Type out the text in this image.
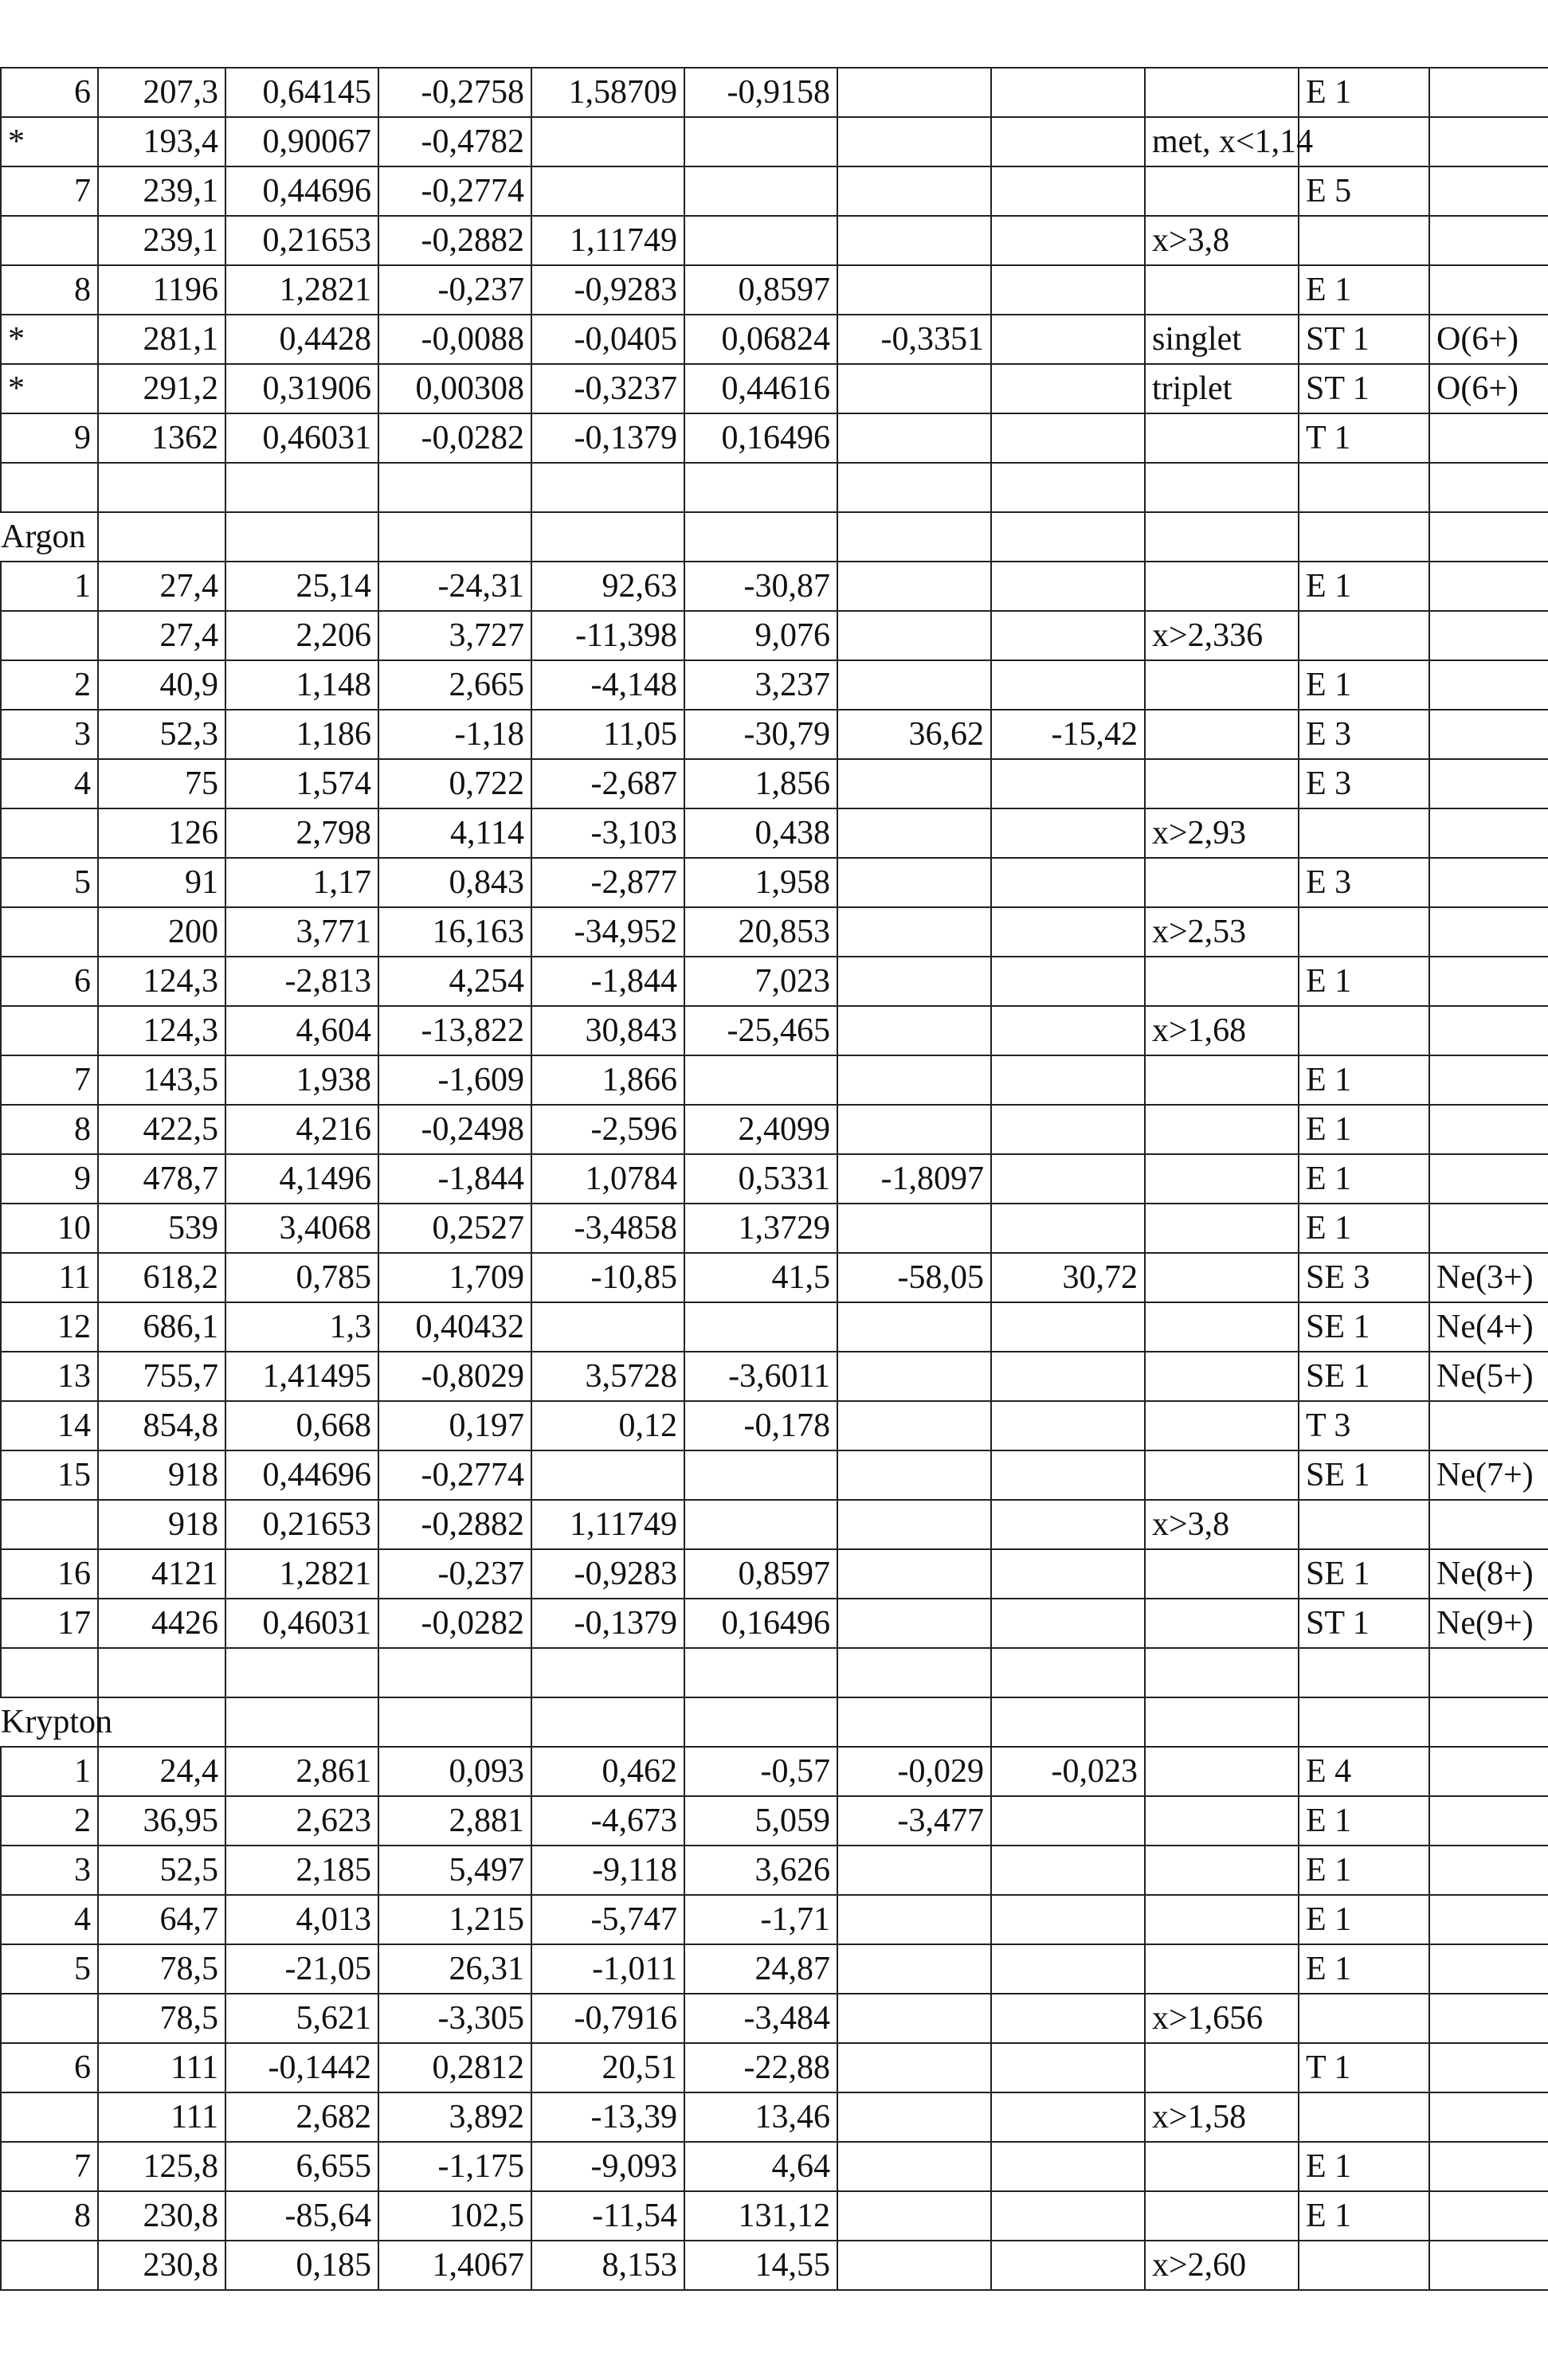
6	207,3	0,64145	-0,2758	1,58709	-0,9158				E 1	
*	193,4	0,90067	-0,4782					met, x<1,14		
7	239,1	0,44696	-0,2774						E 5	
	239,1	0,21653	-0,2882	1,11749				x>3,8		
8	1196	1,2821	-0,237	-0,9283	0,8597				E 1	
*	281,1	0,4428	-0,0088	-0,0405	0,06824	-0,3351		singlet	ST 1	O(6+)
*	291,2	0,31906	0,00308	-0,3237	0,44616			triplet	ST 1	O(6+)
9	1362	0,46031	-0,0282	-0,1379	0,16496				T 1	

Argon										
1	27,4	25,14	-24,31	92,63	-30,87				E 1	
	27,4	2,206	3,727	-11,398	9,076			x>2,336		
2	40,9	1,148	2,665	-4,148	3,237				E 1	
3	52,3	1,186	-1,18	11,05	-30,79	36,62	-15,42		E 3	
4	75	1,574	0,722	-2,687	1,856				E 3	
	126	2,798	4,114	-3,103	0,438			x>2,93		
5	91	1,17	0,843	-2,877	1,958				E 3	
	200	3,771	16,163	-34,952	20,853			x>2,53		
6	124,3	-2,813	4,254	-1,844	7,023				E 1	
	124,3	4,604	-13,822	30,843	-25,465			x>1,68		
7	143,5	1,938	-1,609	1,866					E 1	
8	422,5	4,216	-0,2498	-2,596	2,4099				E 1	
9	478,7	4,1496	-1,844	1,0784	0,5331	-1,8097			E 1	
10	539	3,4068	0,2527	-3,4858	1,3729				E 1	
11	618,2	0,785	1,709	-10,85	41,5	-58,05	30,72		SE 3	Ne(3+)
12	686,1	1,3	0,40432						SE 1	Ne(4+)
13	755,7	1,41495	-0,8029	3,5728	-3,6011				SE 1	Ne(5+)
14	854,8	0,668	0,197	0,12	-0,178				T 3	
15	918	0,44696	-0,2774						SE 1	Ne(7+)
	918	0,21653	-0,2882	1,11749				x>3,8		
16	4121	1,2821	-0,237	-0,9283	0,8597				SE 1	Ne(8+)
17	4426	0,46031	-0,0282	-0,1379	0,16496				ST 1	Ne(9+)

Krypton										
1	24,4	2,861	0,093	0,462	-0,57	-0,029	-0,023		E 4	
2	36,95	2,623	2,881	-4,673	5,059	-3,477			E 1	
3	52,5	2,185	5,497	-9,118	3,626				E 1	
4	64,7	4,013	1,215	-5,747	-1,71				E 1	
5	78,5	-21,05	26,31	-1,011	24,87				E 1	
	78,5	5,621	-3,305	-0,7916	-3,484			x>1,656		
6	111	-0,1442	0,2812	20,51	-22,88				T 1	
	111	2,682	3,892	-13,39	13,46			x>1,58		
7	125,8	6,655	-1,175	-9,093	4,64				E 1	
8	230,8	-85,64	102,5	-11,54	131,12				E 1	
	230,8	0,185	1,4067	8,153	14,55			x>2,60		
